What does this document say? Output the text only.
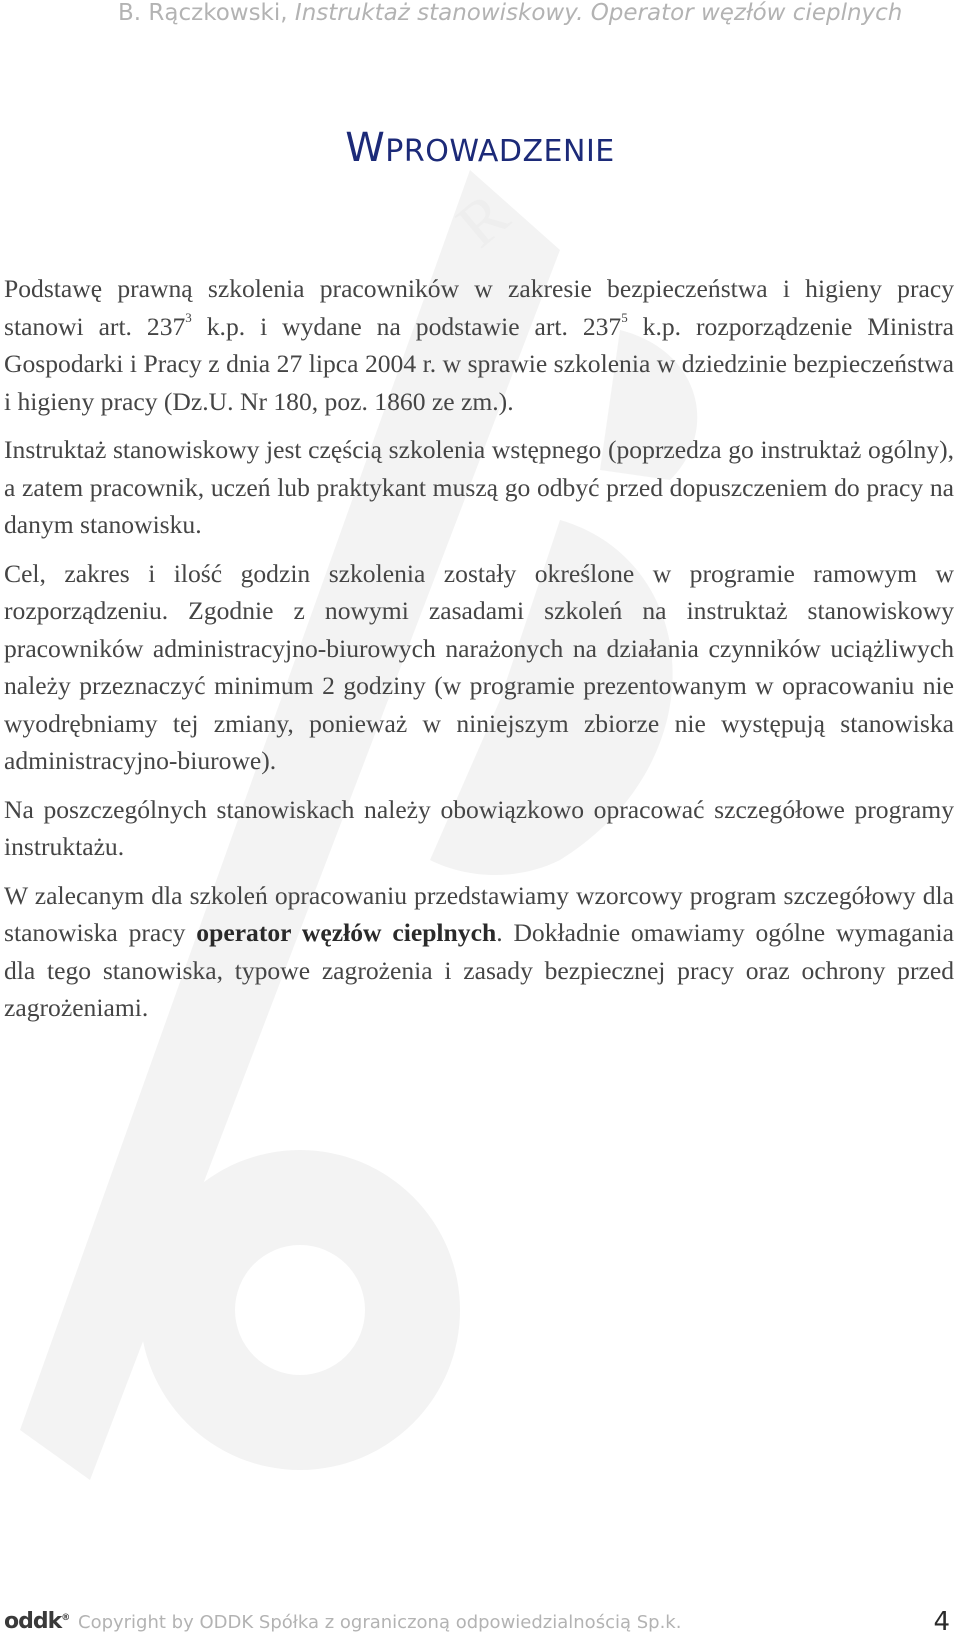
R
B. Rączkowski, Instruktaż stanowiskowy. Operator węzłów cieplnych
WPROWADZENIE

Podstawę prawną szkolenia pracowników w zakresie bezpieczeństwa i higieny pracy stanowi art. $237^3$ k.p. i wydane na podstawie art. $237^5$ k.p. rozporządzenie Ministra Gospodarki i Pracy z dnia 27 lipca 2004 r. w sprawie szkolenia w dziedzinie bezpieczeństwa i higieny pracy (Dz.U. Nr 180, poz. 1860 ze zm.).

Instruktaż stanowiskowy jest częścią szkolenia wstępnego (poprzedza go instruktaż ogólny), a zatem pracownik, uczeń lub praktykant muszą go odbyć przed dopuszczeniem do pracy na danym stanowisku.

Cel, zakres i ilość godzin szkolenia zostały określone w programie ramowym w rozporządzeniu. Zgodnie z nowymi zasadami szkoleń na instruktaż stanowiskowy pracowników administracyjno-biurowych narażonych na działania czynników uciążliwych należy przeznaczyć minimum 2 godziny (w programie prezentowanym w opracowaniu nie wyodrębniamy tej zmiany, ponieważ w niniejszym zbiorze nie występują stanowiska administracyjno-biurowe).

Na poszczególnych stanowiskach należy obowiązkowo opracować szczegółowe programy instruktażu.

W zalecanym dla szkoleń opracowaniu przedstawiamy wzorcowy program szczegółowy dla stanowiska pracy operator węzłów cieplnych. Dokładnie omawiamy ogólne wymagania dla tego stanowiska, typowe zagrożenia i zasady bezpiecznej pracy oraz ochrony przed zagrożeniami.

oddk® Copyright by ODDK Spółka z ograniczoną odpowiedzialnością Sp.k.	4
